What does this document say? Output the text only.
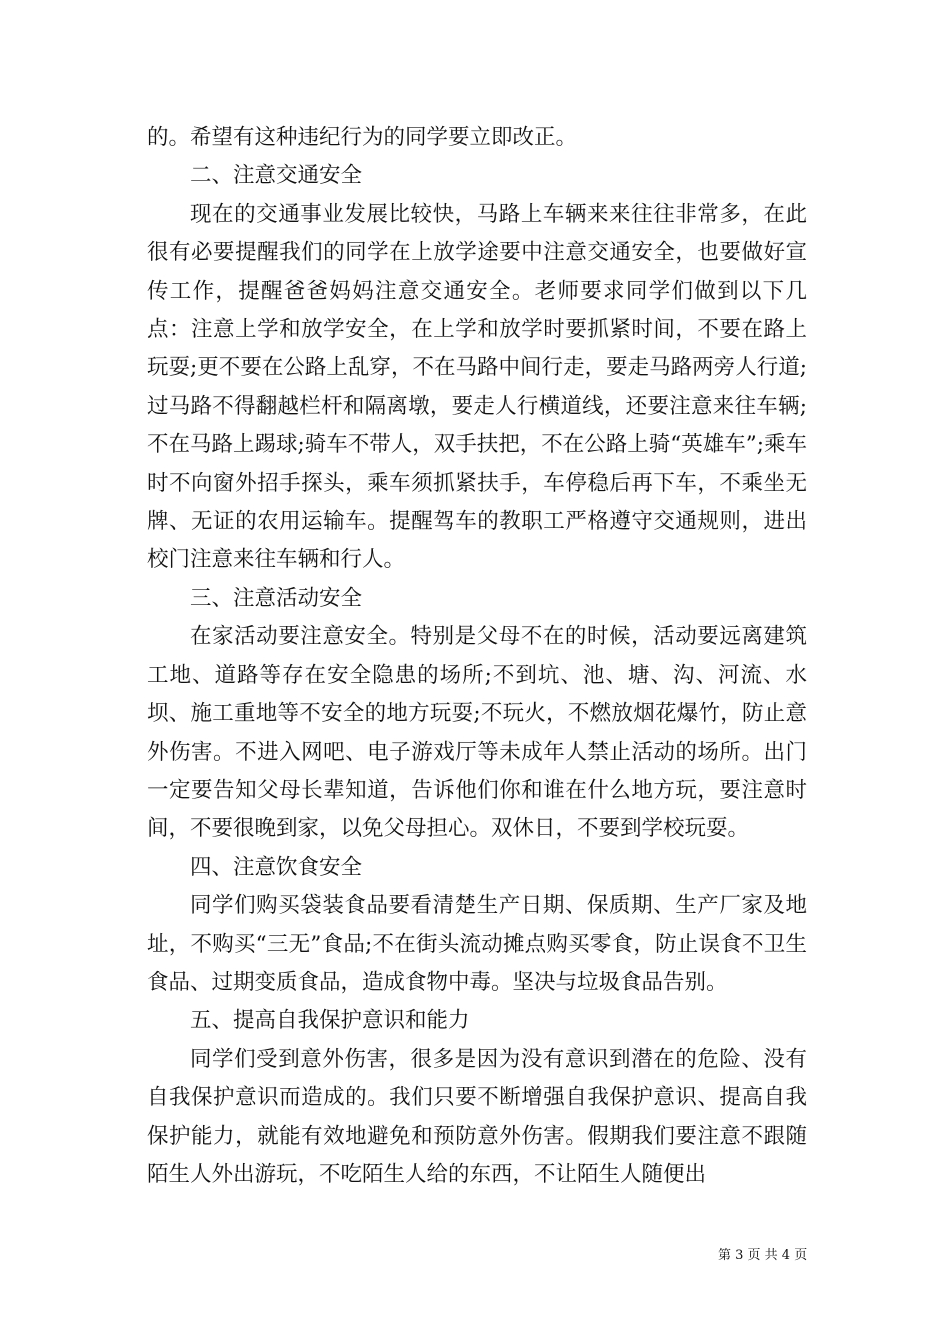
的。希望有这种违纪行为的同学要立即改正。

二、注意交通安全

现在的交通事业发展比较快，马路上车辆来来往往非常多，在此很有必要提醒我们的同学在上放学途要中注意交通安全，也要做好宣传工作，提醒爸爸妈妈注意交通安全。老师要求同学们做到以下几点：注意上学和放学安全，在上学和放学时要抓紧时间，不要在路上玩耍;更不要在公路上乱穿，不在马路中间行走，要走马路两旁人行道;过马路不得翻越栏杆和隔离墩，要走人行横道线，还要注意来往车辆;不在马路上踢球;骑车不带人，双手扶把，不在公路上骑“英雄车”;乘车时不向窗外招手探头，乘车须抓紧扶手，车停稳后再下车，不乘坐无牌、无证的农用运输车。提醒驾车的教职工严格遵守交通规则，进出校门注意来往车辆和行人。

三、注意活动安全

在家活动要注意安全。特别是父母不在的时候，活动要远离建筑工地、道路等存在安全隐患的场所;不到坑、池、塘、沟、河流、水坝、施工重地等不安全的地方玩耍;不玩火，不燃放烟花爆竹，防止意外伤害。不进入网吧、电子游戏厅等未成年人禁止活动的场所。出门一定要告知父母长辈知道，告诉他们你和谁在什么地方玩，要注意时间，不要很晚到家，以免父母担心。双休日，不要到学校玩耍。

四、注意饮食安全

同学们购买袋装食品要看清楚生产日期、保质期、生产厂家及地址，不购买“三无”食品;不在街头流动摊点购买零食，防止误食不卫生食品、过期变质食品，造成食物中毒。坚决与垃圾食品告别。

五、提高自我保护意识和能力

同学们受到意外伤害，很多是因为没有意识到潜在的危险、没有自我保护意识而造成的。我们只要不断增强自我保护意识、提高自我保护能力，就能有效地避免和预防意外伤害。假期我们要注意不跟随陌生人外出游玩，不吃陌生人给的东西，不让陌生人随便出

第 3 页 共 4 页
